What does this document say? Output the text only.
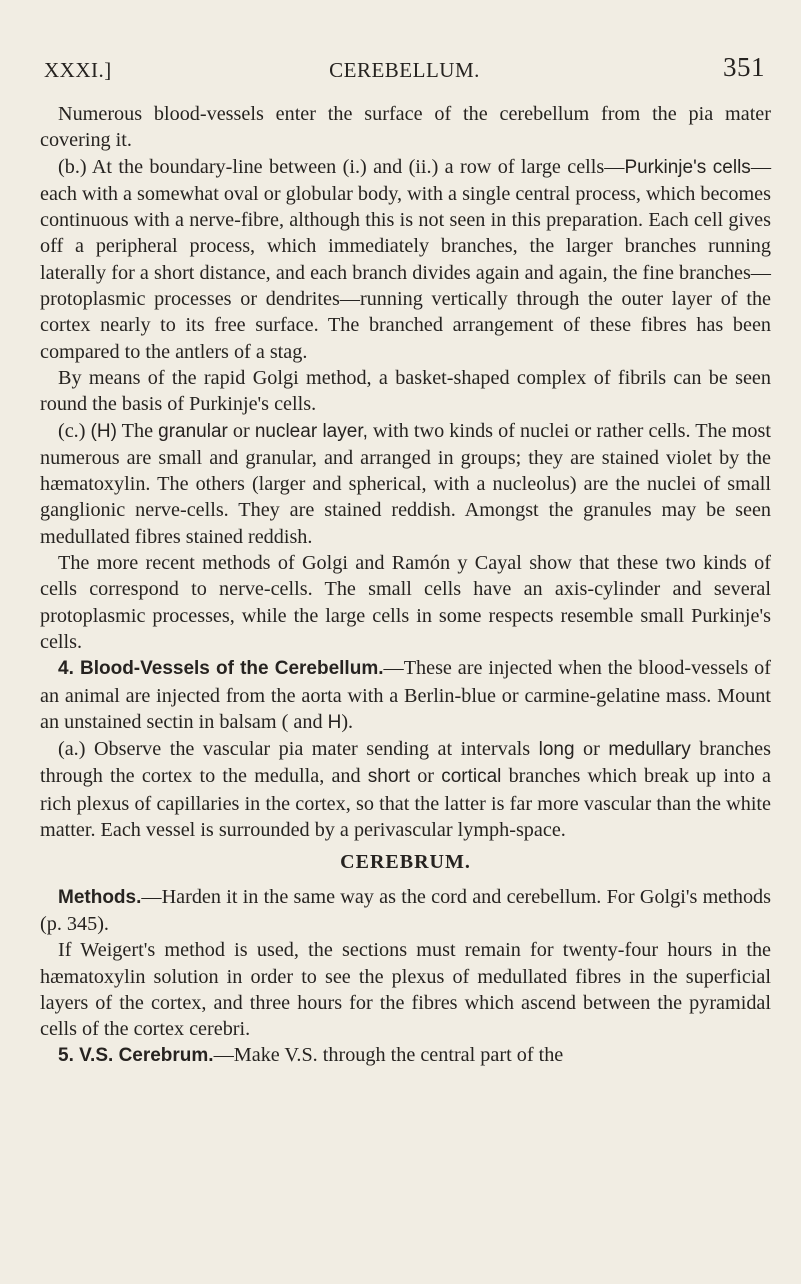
XXXI.]	CEREBELLUM.	351

Numerous blood-vessels enter the surface of the cerebellum from the pia mater covering it.

(b.) At the boundary-line between (i.) and (ii.) a row of large cells—Purkinje's cells—each with a somewhat oval or globular body, with a single central process, which becomes continuous with a nerve-fibre, although this is not seen in this preparation. Each cell gives off a peripheral process, which immediately branches, the larger branches running laterally for a short distance, and each branch divides again and again, the fine branches—protoplasmic processes or dendrites—running vertically through the outer layer of the cortex nearly to its free surface. The branched arrangement of these fibres has been compared to the antlers of a stag.

By means of the rapid Golgi method, a basket-shaped complex of fibrils can be seen round the basis of Purkinje's cells.

(c.) (H) The granular or nuclear layer, with two kinds of nuclei or rather cells. The most numerous are small and granular, and arranged in groups; they are stained violet by the hæmatoxylin. The others (larger and spherical, with a nucleolus) are the nuclei of small ganglionic nerve-cells. They are stained reddish. Amongst the granules may be seen medullated fibres stained reddish.

The more recent methods of Golgi and Ramón y Cayal show that these two kinds of cells correspond to nerve-cells. The small cells have an axis-cylinder and several protoplasmic processes, while the large cells in some respects resemble small Purkinje's cells.

4. Blood-Vessels of the Cerebellum.—These are injected when the blood-vessels of an animal are injected from the aorta with a Berlin-blue or carmine-gelatine mass. Mount an unstained sectin in balsam ( and H).

(a.) Observe the vascular pia mater sending at intervals long or medullary branches through the cortex to the medulla, and short or cortical branches which break up into a rich plexus of capillaries in the cortex, so that the latter is far more vascular than the white matter. Each vessel is surrounded by a perivascular lymph-space.

CEREBRUM.

Methods.—Harden it in the same way as the cord and cerebellum. For Golgi's methods (p. 345).

If Weigert's method is used, the sections must remain for twenty-four hours in the hæmatoxylin solution in order to see the plexus of medullated fibres in the superficial layers of the cortex, and three hours for the fibres which ascend between the pyramidal cells of the cortex cerebri.

5. V.S. Cerebrum.—Make V.S. through the central part of the
